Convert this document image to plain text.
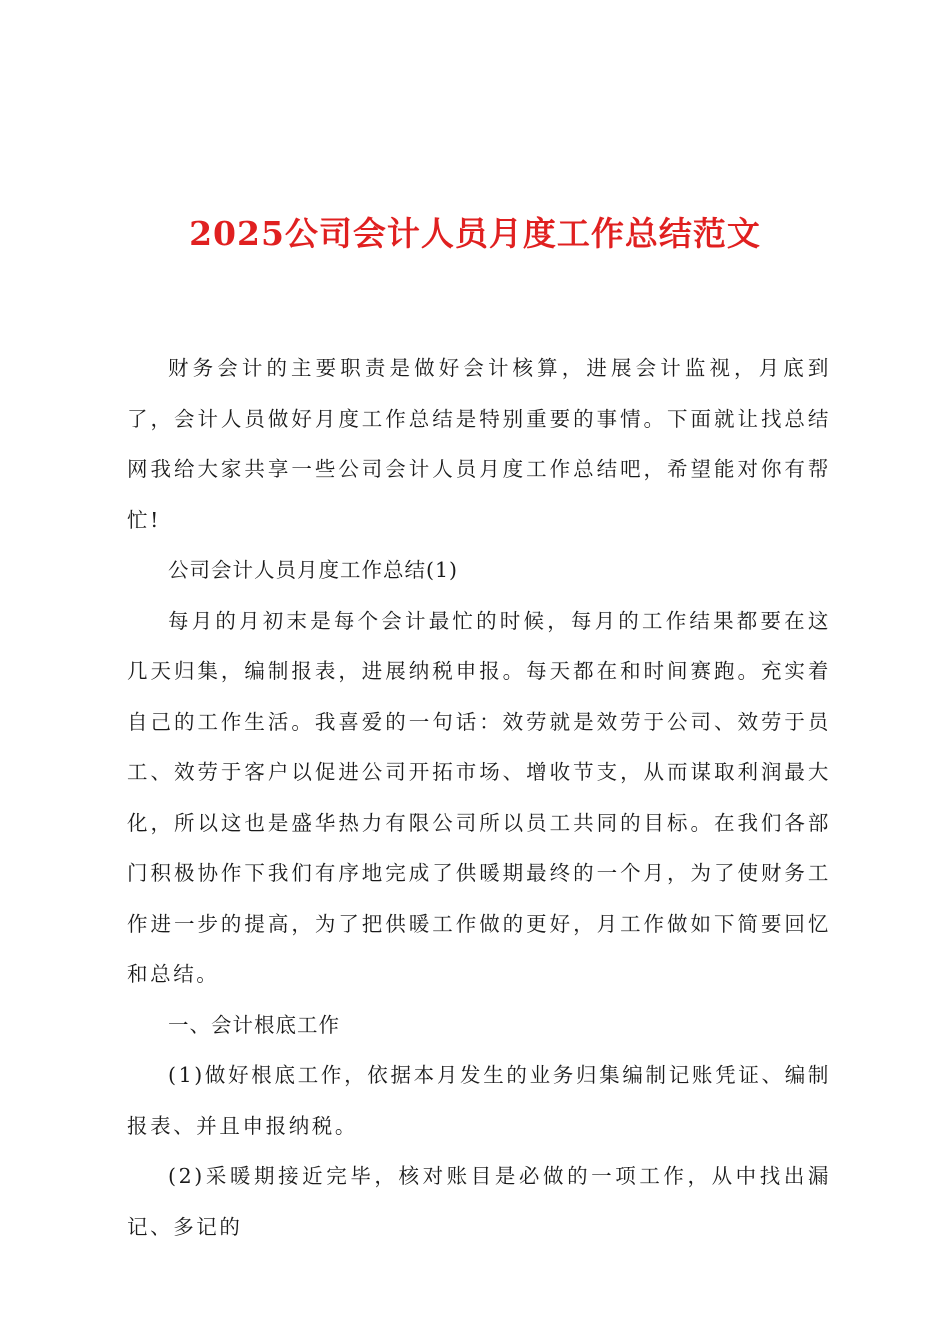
2025公司会计人员月度工作总结范文

财务会计的主要职责是做好会计核算，进展会计监视，月底到了，会计人员做好月度工作总结是特别重要的事情。下面就让找总结网我给大家共享一些公司会计人员月度工作总结吧，希望能对你有帮忙!

公司会计人员月度工作总结(1)

每月的月初末是每个会计最忙的时候，每月的工作结果都要在这几天归集，编制报表，进展纳税申报。每天都在和时间赛跑。充实着自己的工作生活。我喜爱的一句话：效劳就是效劳于公司、效劳于员工、效劳于客户以促进公司开拓市场、增收节支，从而谋取利润最大化，所以这也是盛华热力有限公司所以员工共同的目标。在我们各部门积极协作下我们有序地完成了供暖期最终的一个月，为了使财务工作进一步的提高，为了把供暖工作做的更好，月工作做如下简要回忆和总结。

一、会计根底工作

(1)做好根底工作，依据本月发生的业务归集编制记账凭证、编制报表、并且申报纳税。

(2)采暖期接近完毕，核对账目是必做的一项工作，从中找出漏记、多记的
